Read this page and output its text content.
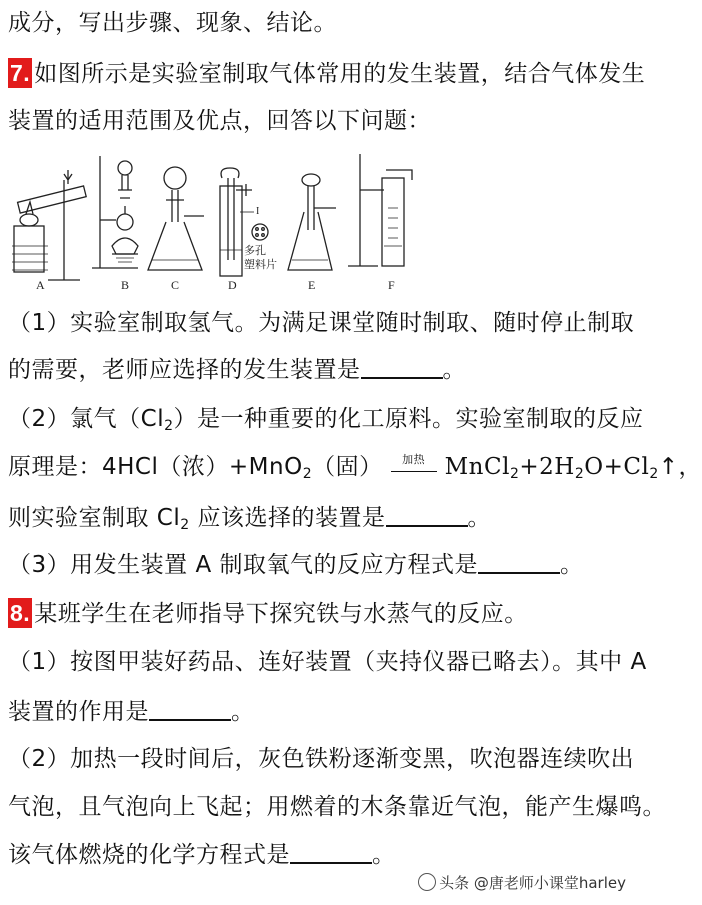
成分，写出步骤、现象、结论。
7. 如图所示是实验室制取气体常用的发生装置，结合气体发生
装置的适用范围及优点，回答以下问题：
A	B	C	D	E	F
多孔
塑料片
I
（1）实验室制取氢气。为满足课堂随时制取、随时停止制取
的需要，老师应选择的发生装置是	。
（2）氯气$(Cl_2)$是一种重要的化工原料。实验室制取的反应
原理是：4HCl（浓）+MnO$_2$（固）	加热 $MnCl_2+2H_2O+Cl_2↑$，
则实验室制取 $Cl_2$ 应该选择的装置是	。
（3）用发生装置 A 制取氧气的反应方程式是	。
8. 某班学生在老师指导下探究铁与水蒸气的反应。
（1）按图甲装好药品、连好装置（夹持仪器已略去）。其中 A
装置的作用是	。
（2）加热一段时间后，灰色铁粉逐渐变黑，吹泡器连续吹出
气泡，且气泡向上飞起；用燃着的木条靠近气泡，能产生爆鸣。
该气体燃烧的化学方程式是	。
头条 @唐老师小课堂harley
